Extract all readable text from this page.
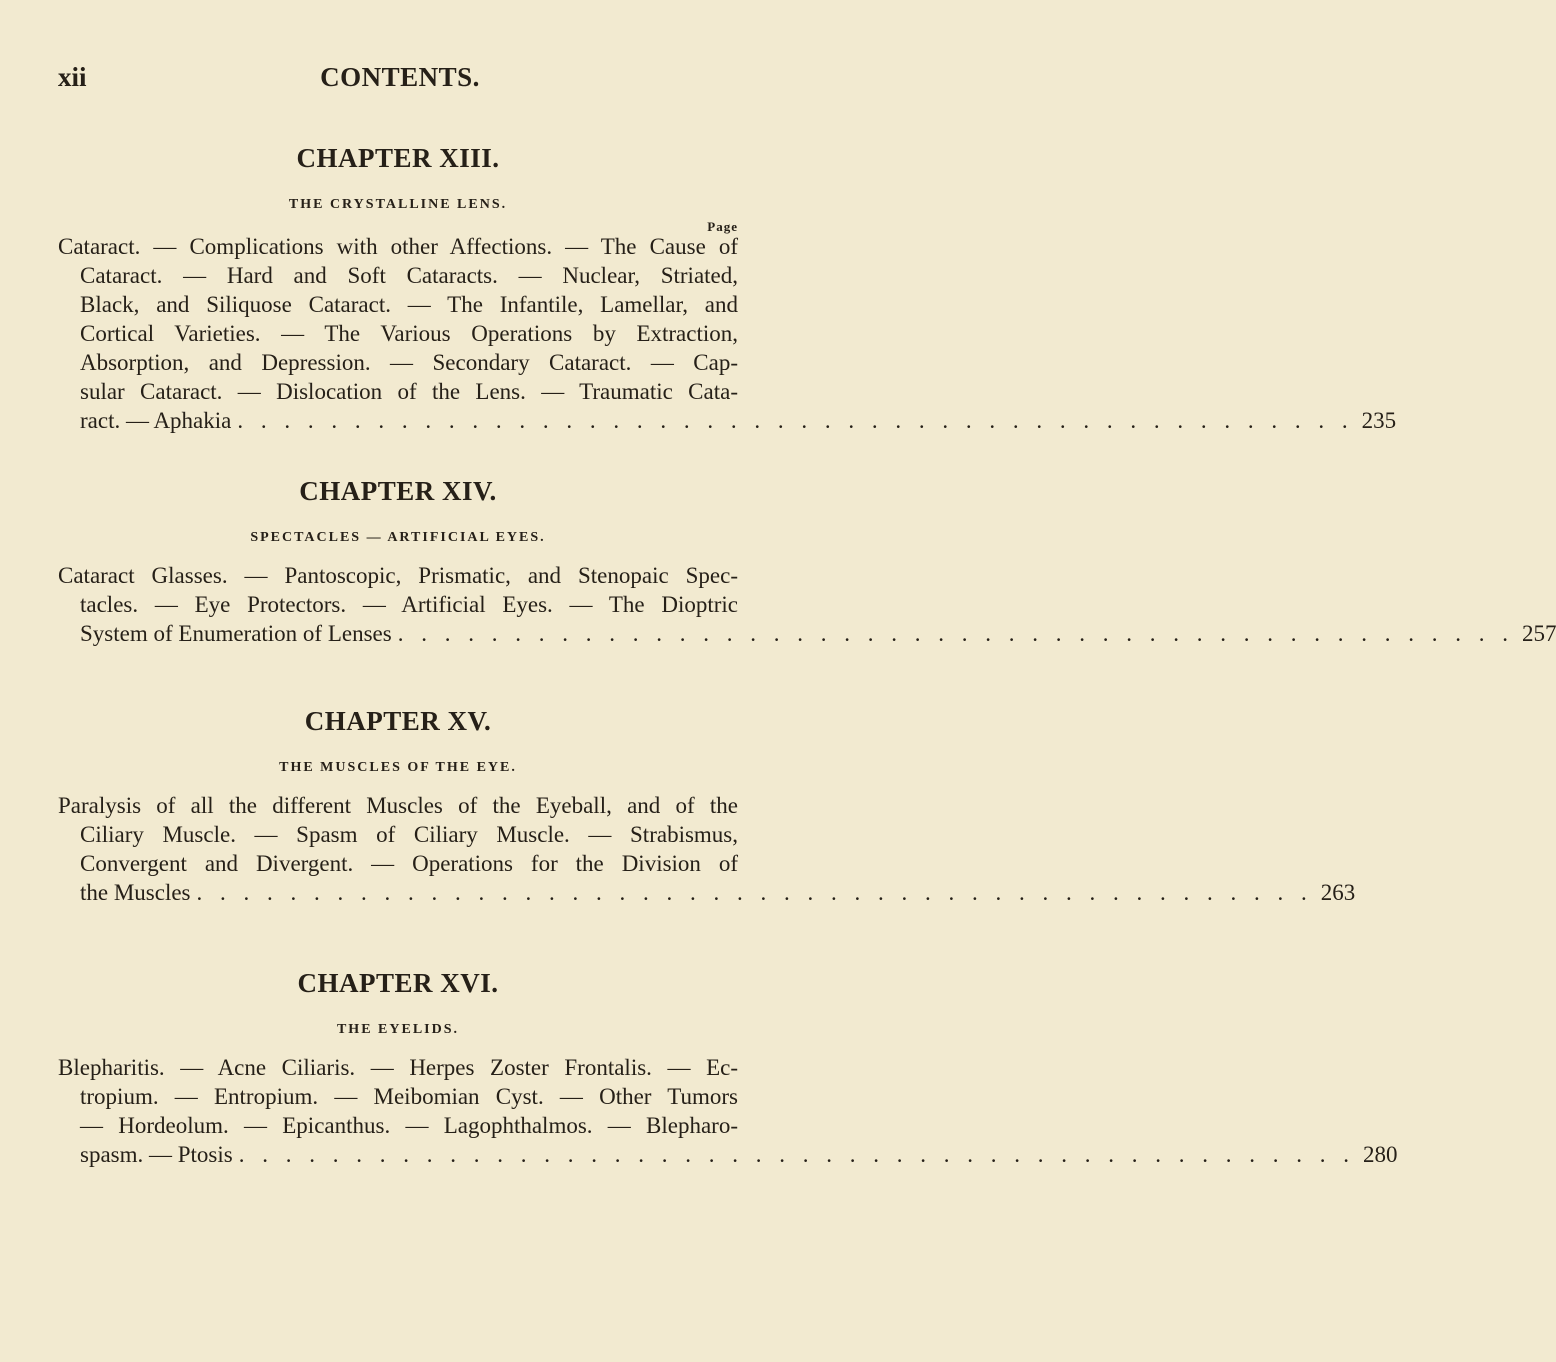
xii	CONTENTS.
CHAPTER XIII.
THE CRYSTALLINE LENS.
Page
Cataract. — Complications with other Affections. — The Cause of
Cataract. — Hard and Soft Cataracts. — Nuclear, Striated,
Black, and Siliquose Cataract. — The Infantile, Lamellar, and
Cortical Varieties. — The Various Operations by Extraction,
Absorption, and Depression. — Secondary Cataract. — Cap-
sular Cataract. — Dislocation of the Lens. — Traumatic Cata-
ract. — Aphakia . . . . . . . . . . . . . . . . . . . . . . . . . . . . . . . . . . . . . . . . . . . . . . . . 235
CHAPTER XIV.
SPECTACLES — ARTIFICIAL EYES.
Cataract Glasses. — Pantoscopic, Prismatic, and Stenopaic Spec-
tacles. — Eye Protectors. — Artificial Eyes. — The Dioptric
System of Enumeration of Lenses . . . . . . . . . . . . . . . . . . . . . . . . . . . . . . . . . . . . . . . . . . . . . . . . 257
CHAPTER XV.
THE MUSCLES OF THE EYE.
Paralysis of all the different Muscles of the Eyeball, and of the
Ciliary Muscle. — Spasm of Ciliary Muscle. — Strabismus,
Convergent and Divergent. — Operations for the Division of
the Muscles . . . . . . . . . . . . . . . . . . . . . . . . . . . . . . . . . . . . . . . . . . . . . . . . 263
CHAPTER XVI.
THE EYELIDS.
Blepharitis. — Acne Ciliaris. — Herpes Zoster Frontalis. — Ec-
tropium. — Entropium. — Meibomian Cyst. — Other Tumors
— Hordeolum. — Epicanthus. — Lagophthalmos. — Blepharo-
spasm. — Ptosis . . . . . . . . . . . . . . . . . . . . . . . . . . . . . . . . . . . . . . . . . . . . . . . . 280
